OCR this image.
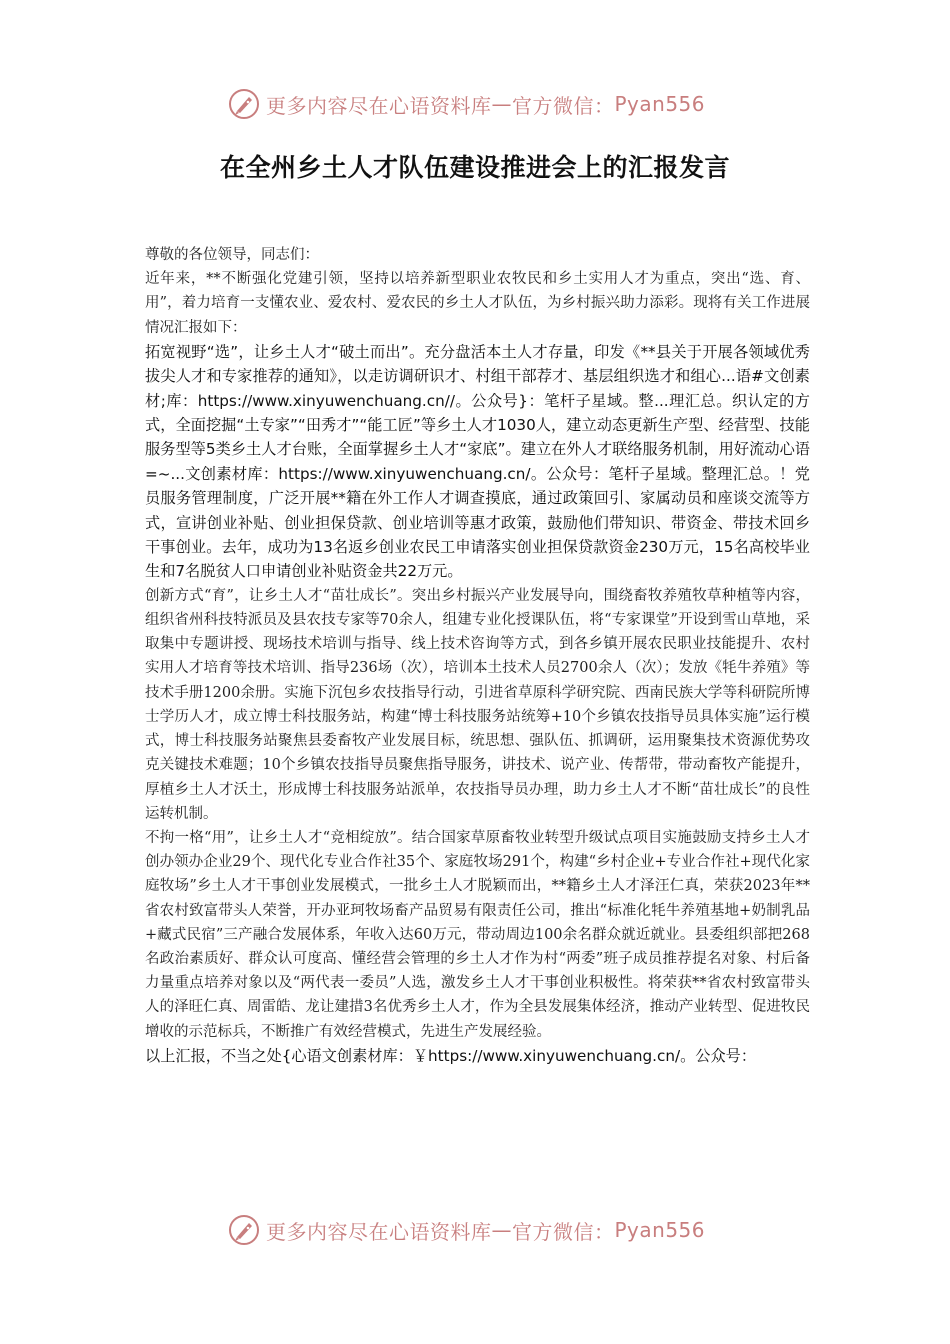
更多内容尽在心语资料库 — 官方微信： Pyan556
在全州乡土人才队伍建设推进会上的汇报发言

尊敬的各位领导，同志们：

近年来，**不断强化党建引领，坚持以培养新型职业农牧民和乡土实用人才为重点，突出“选、育、用”，着力培育一支懂农业、爱农村、爱农民的乡土人才队伍，为乡村振兴助力添彩。现将有关工作进展情况汇报如下：

拓宽视野“选”，让乡土人才“破土而出”。充分盘活本土人才存量，印发《**县关于开展各领域优秀拔尖人才和专家推荐的通知》，以走访调研识才、村组干部荐才、基层组织选才和组心...语#文创素材;库：https://www.xinyuwenchuang.cn//。公众号}：笔杆子星域。整...理汇总。织认定的方式，全面挖掘“土专家”“田秀才”“能工匠”等乡土人才1030人，建立动态更新生产型、经营型、技能服务型等5类乡土人才台账，全面掌握乡土人才“家底”。建立在外人才联络服务机制，用好流动心语=~...文创素材库：https://www.xinyuwenchuang.cn/。公众号：笔杆子星域。整理汇总。！党员服务管理制度，广泛开展**籍在外工作人才调查摸底，通过政策回引、家属动员和座谈交流等方式，宣讲创业补贴、创业担保贷款、创业培训等惠才政策，鼓励他们带知识、带资金、带技术回乡干事创业。去年，成功为13名返乡创业农民工申请落实创业担保贷款资金230万元，15名高校毕业生和7名脱贫人口申请创业补贴资金共22万元。

创新方式“育”，让乡土人才“苗壮成长”。突出乡村振兴产业发展导向，围绕畜牧养殖牧草种植等内容，组织省州科技特派员及县农技专家等70余人，组建专业化授课队伍，将“专家课堂”开设到雪山草地，采取集中专题讲授、现场技术培训与指导、线上技术咨询等方式，到各乡镇开展农民职业技能提升、农村实用人才培育等技术培训、指导236场（次），培训本土技术人员2700余人（次）；发放《牦牛养殖》等技术手册1200余册。实施下沉包乡农技指导行动，引进省草原科学研究院、西南民族大学等科研院所博士学历人才，成立博士科技服务站，构建“博士科技服务站统筹+10个乡镇农技指导员具体实施”运行模式，博士科技服务站聚焦县委畜牧产业发展目标，统思想、强队伍、抓调研，运用聚集技术资源优势攻克关键技术难题；10个乡镇农技指导员聚焦指导服务，讲技术、说产业、传帮带，带动畜牧产能提升，厚植乡土人才沃土，形成博士科技服务站派单，农技指导员办理，助力乡土人才不断“苗壮成长”的良性运转机制。

不拘一格“用”，让乡土人才“竞相绽放”。结合国家草原畜牧业转型升级试点项目实施鼓励支持乡土人才创办领办企业29个、现代化专业合作社35个、家庭牧场291个，构建“乡村企业+专业合作社+现代化家庭牧场”乡土人才干事创业发展模式，一批乡土人才脱颖而出，**籍乡土人才泽汪仁真，荣获2023年**省农村致富带头人荣誉，开办亚珂牧场畜产品贸易有限责任公司，推出“标准化牦牛养殖基地+奶制乳品+藏式民宿”三产融合发展体系，年收入达60万元，带动周边100余名群众就近就业。县委组织部把268名政治素质好、群众认可度高、懂经营会管理的乡土人才作为村“两委”班子成员推荐提名对象、村后备力量重点培养对象以及“两代表一委员”人选，激发乡土人才干事创业积极性。将荣获**省农村致富带头人的泽旺仁真、周雷皓、龙让建措3名优秀乡土人才，作为全县发展集体经济，推动产业转型、促进牧民增收的示范标兵，不断推广有效经营模式，先进生产发展经验。

以上汇报，不当之处{心语文创素材库：￥https://www.xinyuwenchuang.cn/。公众号：

更多内容尽在心语资料库 — 官方微信： Pyan556
